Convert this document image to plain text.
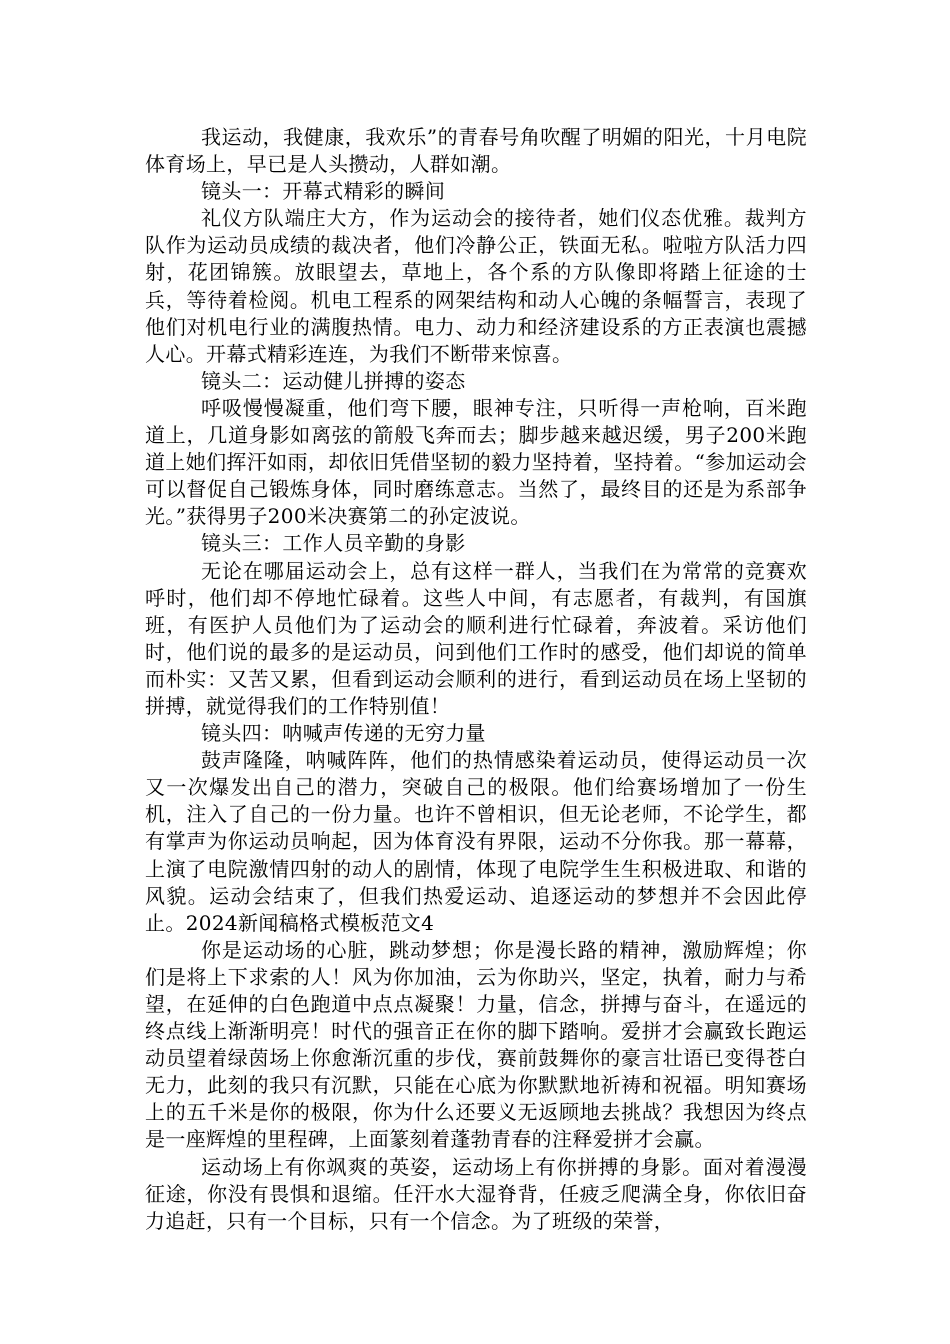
我运动，我健康，我欢乐”的青春号角吹醒了明媚的阳光，十月电院体育场上，早已是人头攒动，人群如潮。

镜头一：开幕式精彩的瞬间

礼仪方队端庄大方，作为运动会的接待者，她们仪态优雅。裁判方队作为运动员成绩的裁决者，他们冷静公正，铁面无私。啦啦方队活力四射，花团锦簇。放眼望去，草地上，各个系的方队像即将踏上征途的士兵，等待着检阅。机电工程系的网架结构和动人心魄的条幅誓言，表现了他们对机电行业的满腹热情。电力、动力和经济建设系的方正表演也震撼人心。开幕式精彩连连，为我们不断带来惊喜。

镜头二：运动健儿拼搏的姿态

呼吸慢慢凝重，他们弯下腰，眼神专注，只听得一声枪响，百米跑道上，几道身影如离弦的箭般飞奔而去；脚步越来越迟缓，男子200米跑道上她们挥汗如雨，却依旧凭借坚韧的毅力坚持着，坚持着。“参加运动会可以督促自己锻炼身体，同时磨练意志。当然了，最终目的还是为系部争光。”获得男子200米决赛第二的孙定波说。

镜头三：工作人员辛勤的身影

无论在哪届运动会上，总有这样一群人，当我们在为常常的竞赛欢呼时，他们却不停地忙碌着。这些人中间，有志愿者，有裁判，有国旗班，有医护人员他们为了运动会的顺利进行忙碌着，奔波着。采访他们时，他们说的最多的是运动员，问到他们工作时的感受，他们却说的简单而朴实：又苦又累，但看到运动会顺利的进行，看到运动员在场上坚韧的拼搏，就觉得我们的工作特别值！

镜头四：呐喊声传递的无穷力量

鼓声隆隆，呐喊阵阵，他们的热情感染着运动员，使得运动员一次又一次爆发出自己的潜力，突破自己的极限。他们给赛场增加了一份生机，注入了自己的一份力量。也许不曾相识，但无论老师，不论学生，都有掌声为你运动员响起，因为体育没有界限，运动不分你我。那一幕幕，上演了电院激情四射的动人的剧情，体现了电院学生生积极进取、和谐的风貌。运动会结束了，但我们热爱运动、追逐运动的梦想并不会因此停止。2024新闻稿格式模板范文4

你是运动场的心脏，跳动梦想；你是漫长路的精神，激励辉煌；你们是将上下求索的人！风为你加油，云为你助兴，坚定，执着，耐力与希望，在延伸的白色跑道中点点凝聚！力量，信念，拼搏与奋斗，在遥远的终点线上渐渐明亮！时代的强音正在你的脚下踏响。爱拼才会赢致长跑运动员望着绿茵场上你愈渐沉重的步伐，赛前鼓舞你的豪言壮语已变得苍白无力，此刻的我只有沉默，只能在心底为你默默地祈祷和祝福。明知赛场上的五千米是你的极限，你为什么还要义无返顾地去挑战？我想因为终点是一座辉煌的里程碑，上面篆刻着蓬勃青春的注释爱拼才会赢。

运动场上有你飒爽的英姿，运动场上有你拼搏的身影。面对着漫漫征途，你没有畏惧和退缩。任汗水大湿脊背，任疲乏爬满全身，你依旧奋力追赶，只有一个目标，只有一个信念。为了班级的荣誉，
